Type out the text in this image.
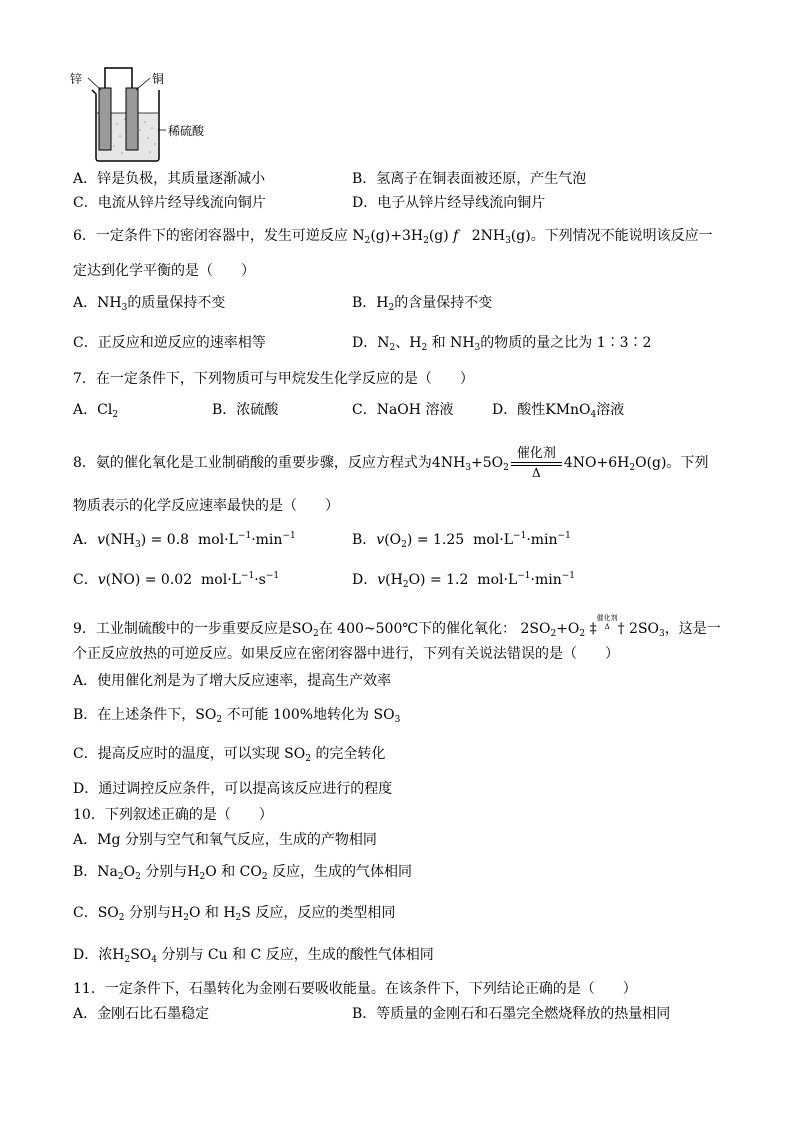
锌	铜
稀硫酸
A．锌是负极，其质量逐渐减小	B．氢离子在铜表面被还原，产生气泡
C．电流从锌片经导线流向铜片	D．电子从锌片经导线流向铜片
6．一定条件下的密闭容器中，发生可逆反应 $N_2(g)+3H_2(g)$ f   $2NH_3(g)$。下列情况不能说明该反应一
定达到化学平衡的是（　　）
A．$NH_3$的质量保持不变	B．$H_2$的含量保持不变
C．正反应和逆反应的速率相等	D．$N_2$、$H_2$ 和 $NH_3$的物质的量之比为 1∶3∶2
7．在一定条件下，下列物质可与甲烷发生化学反应的是（　　）
A．$Cl_2$	B．浓硫酸	C．NaOH 溶液	D．酸性KMnO$_4$溶液
8．氨的催化氧化是工业制硝酸的重要步骤，反应方程式为$4NH_3+5O_2 \frac{\text{催化剂}}{\Delta} 4NO+6H_2O(g)$。下列
物质表示的化学反应速率最快的是（　　）
A．$v(NH_3) = 0.8$  $mol\cdot L^{-1}\cdot\min^{-1}$	B．$v(O_2) = 1.25$  $mol\cdot L^{-1}\cdot\min^{-1}$
C．v(NO) = 0.02  $mol\cdot L^{-1}\cdot s^{-1}$	D．$v(H_2O) = 1.2$  $mol\cdot L^{-1}\cdot\min^{-1}$
9．工业制硫酸中的一步重要反应是$SO_2$在 400~500℃下的催化氧化： $2SO_2+O_2$ ‡催化剂
Δ † $2SO_3$，这是一
个正反应放热的可逆反应。如果反应在密闭容器中进行，下列有关说法错误的是（　　）
A．使用催化剂是为了增大反应速率，提高生产效率
B．在上述条件下，$SO_2$ 不可能 100%地转化为 $SO_3$
C．提高反应时的温度，可以实现 $SO_2$ 的完全转化
D．通过调控反应条件，可以提高该反应进行的程度
10．下列叙述正确的是（　　）
A．Mg 分别与空气和氧气反应，生成的产物相同
B．$Na_2O_2$ 分别与$H_2O$ 和 $CO_2$ 反应，生成的气体相同
C．$SO_2$ 分别与$H_2O$ 和 $H_2S$ 反应，反应的类型相同
D．浓$H_2SO_4$ 分别与 Cu 和 C 反应，生成的酸性气体相同
11．一定条件下，石墨转化为金刚石要吸收能量。在该条件下，下列结论正确的是（　　）
A．金刚石比石墨稳定	B．等质量的金刚石和石墨完全燃烧释放的热量相同
